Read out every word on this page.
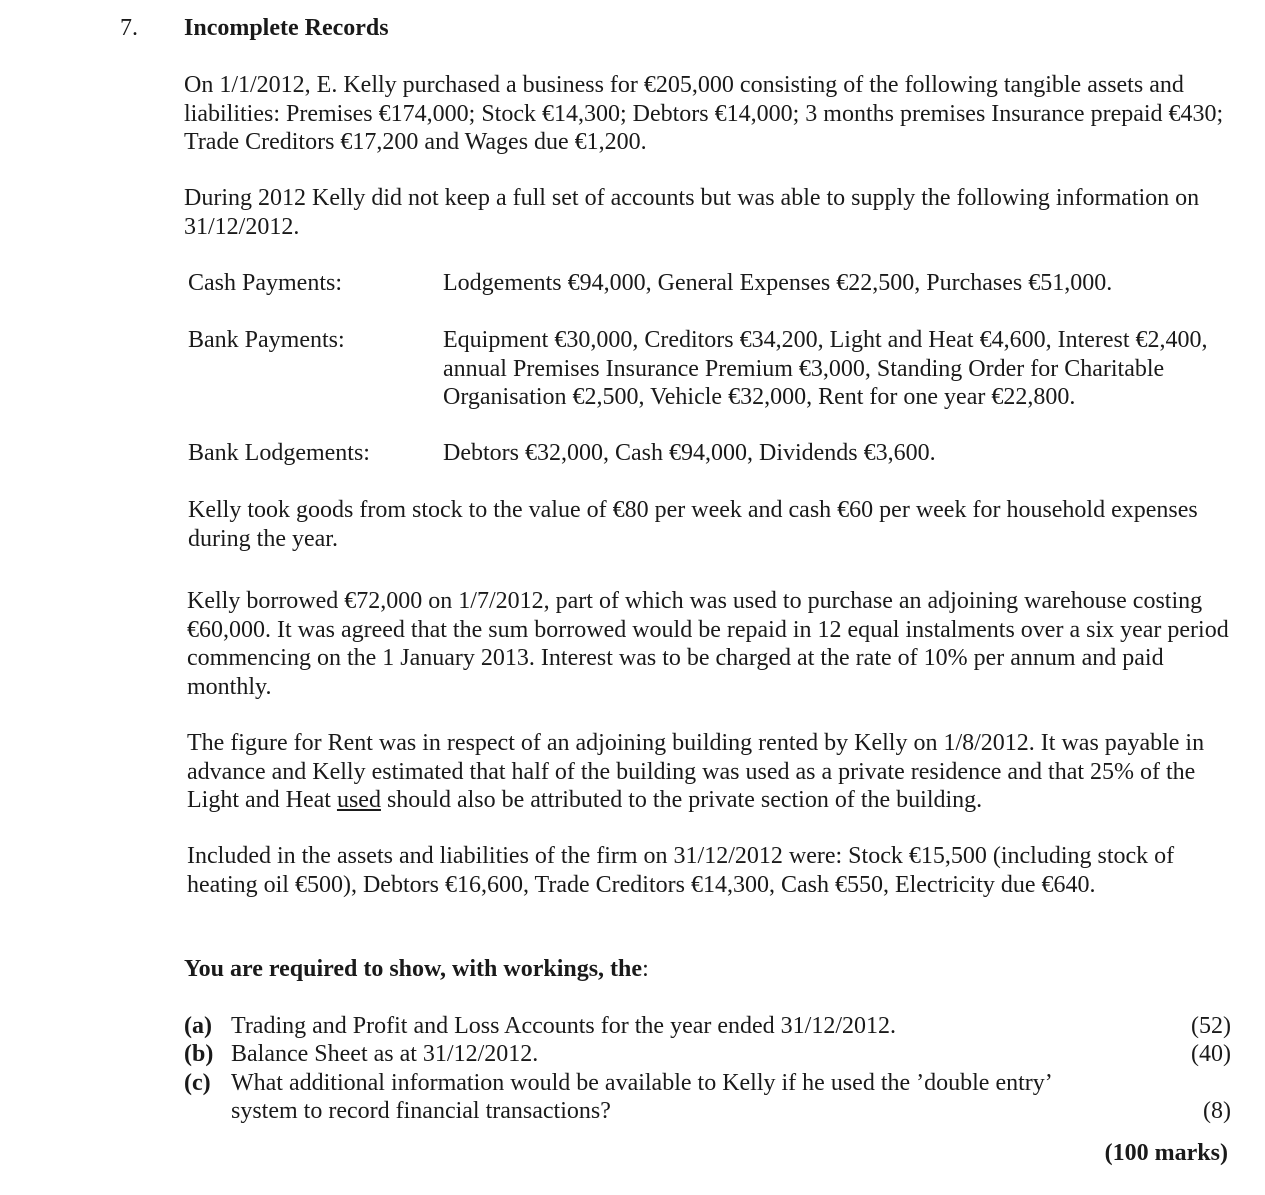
7. Incomplete Records
On 1/1/2012, E. Kelly purchased a business for €205,000 consisting of the following tangible assets and liabilities: Premises €174,000; Stock €14,300; Debtors €14,000; 3 months premises Insurance prepaid €430; Trade Creditors €17,200 and Wages due €1,200.
During 2012 Kelly did not keep a full set of accounts but was able to supply the following information on 31/12/2012.
Cash Payments:	Lodgements €94,000, General Expenses €22,500, Purchases €51,000.
Bank Payments:	Equipment €30,000, Creditors €34,200, Light and Heat €4,600, Interest €2,400, annual Premises Insurance Premium €3,000, Standing Order for Charitable Organisation €2,500, Vehicle €32,000, Rent for one year €22,800.
Bank Lodgements:	Debtors €32,000, Cash €94,000, Dividends €3,600.
Kelly took goods from stock to the value of €80 per week and cash €60 per week for household expenses during the year.
Kelly borrowed €72,000 on 1/7/2012, part of which was used to purchase an adjoining warehouse costing €60,000. It was agreed that the sum borrowed would be repaid in 12 equal instalments over a six year period commencing on the 1 January 2013. Interest was to be charged at the rate of 10% per annum and paid monthly.
The figure for Rent was in respect of an adjoining building rented by Kelly on 1/8/2012. It was payable in advance and Kelly estimated that half of the building was used as a private residence and that 25% of the Light and Heat used should also be attributed to the private section of the building.
Included in the assets and liabilities of the firm on 31/12/2012 were: Stock €15,500 (including stock of heating oil €500), Debtors €16,600, Trade Creditors €14,300, Cash €550, Electricity due €640.
You are required to show, with workings, the:
(a) Trading and Profit and Loss Accounts for the year ended 31/12/2012.	(52)
(b) Balance Sheet as at 31/12/2012.	(40)
(c) What additional information would be available to Kelly if he used the ’double entry’
system to record financial transactions?	(8)
(100 marks)
